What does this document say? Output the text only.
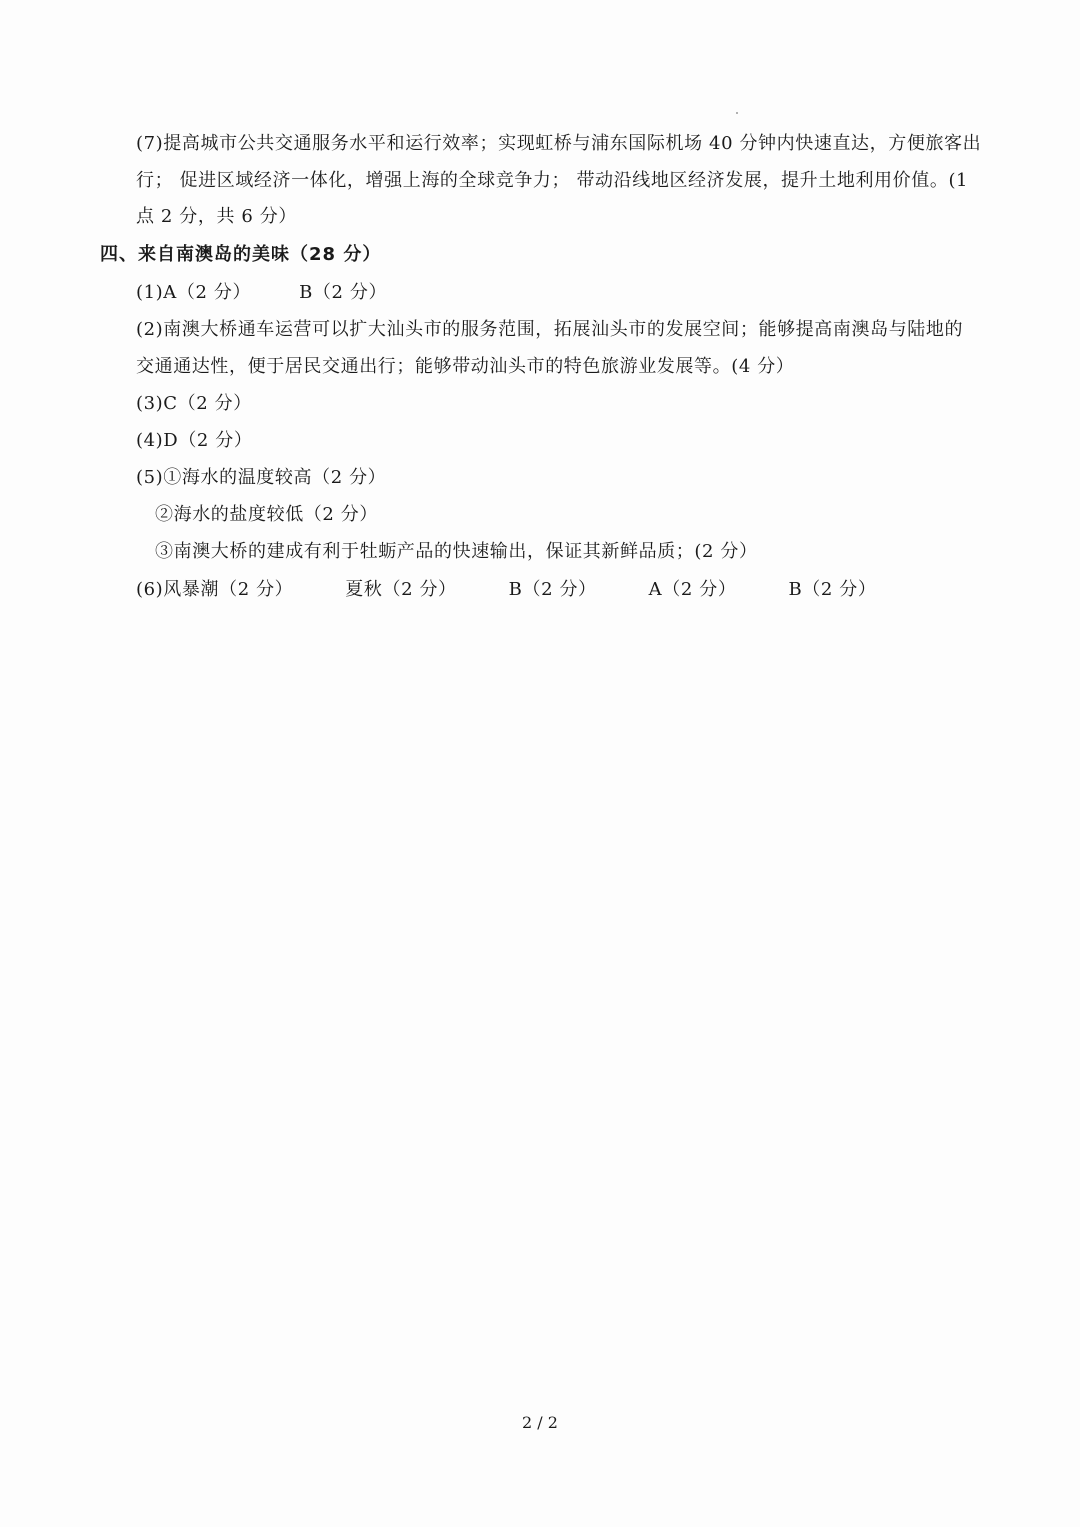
(7)提高城市公共交通服务水平和运行效率；实现虹桥与浦东国际机场 40 分钟内快速直达，方便旅客出
行； 促进区域经济一体化，增强上海的全球竞争力； 带动沿线地区经济发展，提升土地利用价值。(1
点 2 分，共 6 分）
四、来自南澳岛的美味（28 分）
(1)A（2 分）	B（2 分）
(2)南澳大桥通车运营可以扩大汕头市的服务范围，拓展汕头市的发展空间；能够提高南澳岛与陆地的
交通通达性，便于居民交通出行；能够带动汕头市的特色旅游业发展等。(4 分）
(3)C（2 分）
(4)D（2 分）
(5)①海水的温度较高（2 分）
②海水的盐度较低（2 分）
③南澳大桥的建成有利于牡蛎产品的快速输出，保证其新鲜品质；(2 分）
(6)风暴潮（2 分）	夏秋（2 分）	B（2 分）	A（2 分）	B（2 分）
2 / 2
